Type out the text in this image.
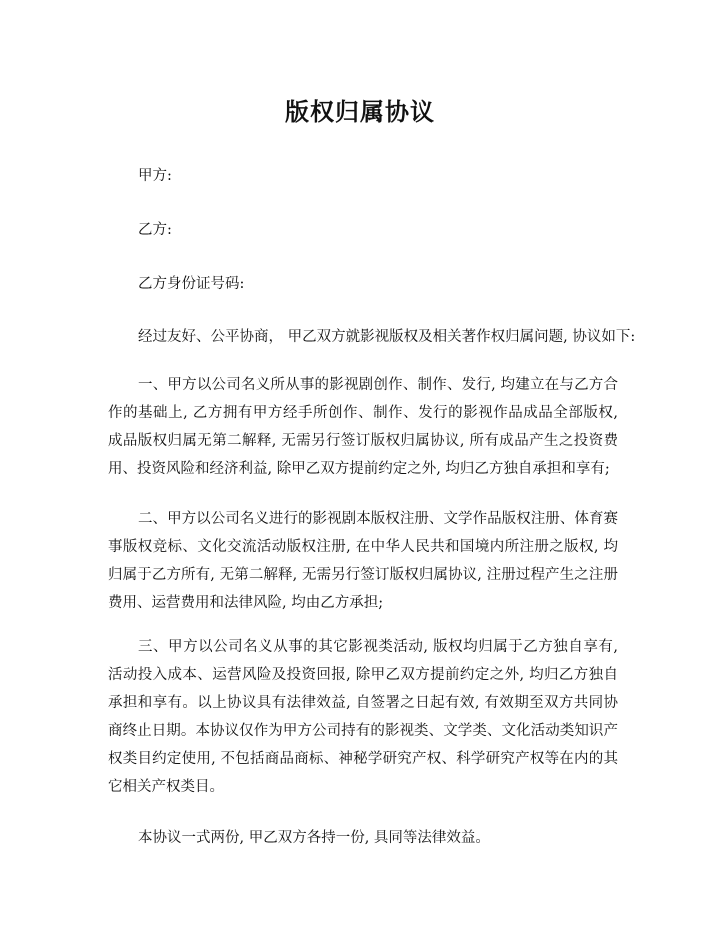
版权归属协议

甲方:

乙方:

乙方身份证号码:

经过友好、公平协商， 甲乙双方就影视版权及相关著作权归属问题, 协议如下:

一、甲方以公司名义所从事的影视剧创作、制作、发行, 均建立在与乙方合作的基础上, 乙方拥有甲方经手所创作、制作、发行的影视作品成品全部版权, 成品版权归属无第二解释, 无需另行签订版权归属协议, 所有成品产生之投资费用、投资风险和经济利益, 除甲乙双方提前约定之外, 均归乙方独自承担和享有;

二、甲方以公司名义进行的影视剧本版权注册、文学作品版权注册、体育赛事版权竞标、文化交流活动版权注册, 在中华人民共和国境内所注册之版权, 均归属于乙方所有, 无第二解释, 无需另行签订版权归属协议, 注册过程产生之注册费用、运营费用和法律风险, 均由乙方承担;

三、甲方以公司名义从事的其它影视类活动, 版权均归属于乙方独自享有, 活动投入成本、运营风险及投资回报, 除甲乙双方提前约定之外, 均归乙方独自承担和享有。以上协议具有法律效益, 自签署之日起有效, 有效期至双方共同协商终止日期。本协议仅作为甲方公司持有的影视类、文学类、文化活动类知识产权类目约定使用, 不包括商品商标、神秘学研究产权、科学研究产权等在内的其它相关产权类目。

本协议一式两份, 甲乙双方各持一份, 具同等法律效益。
